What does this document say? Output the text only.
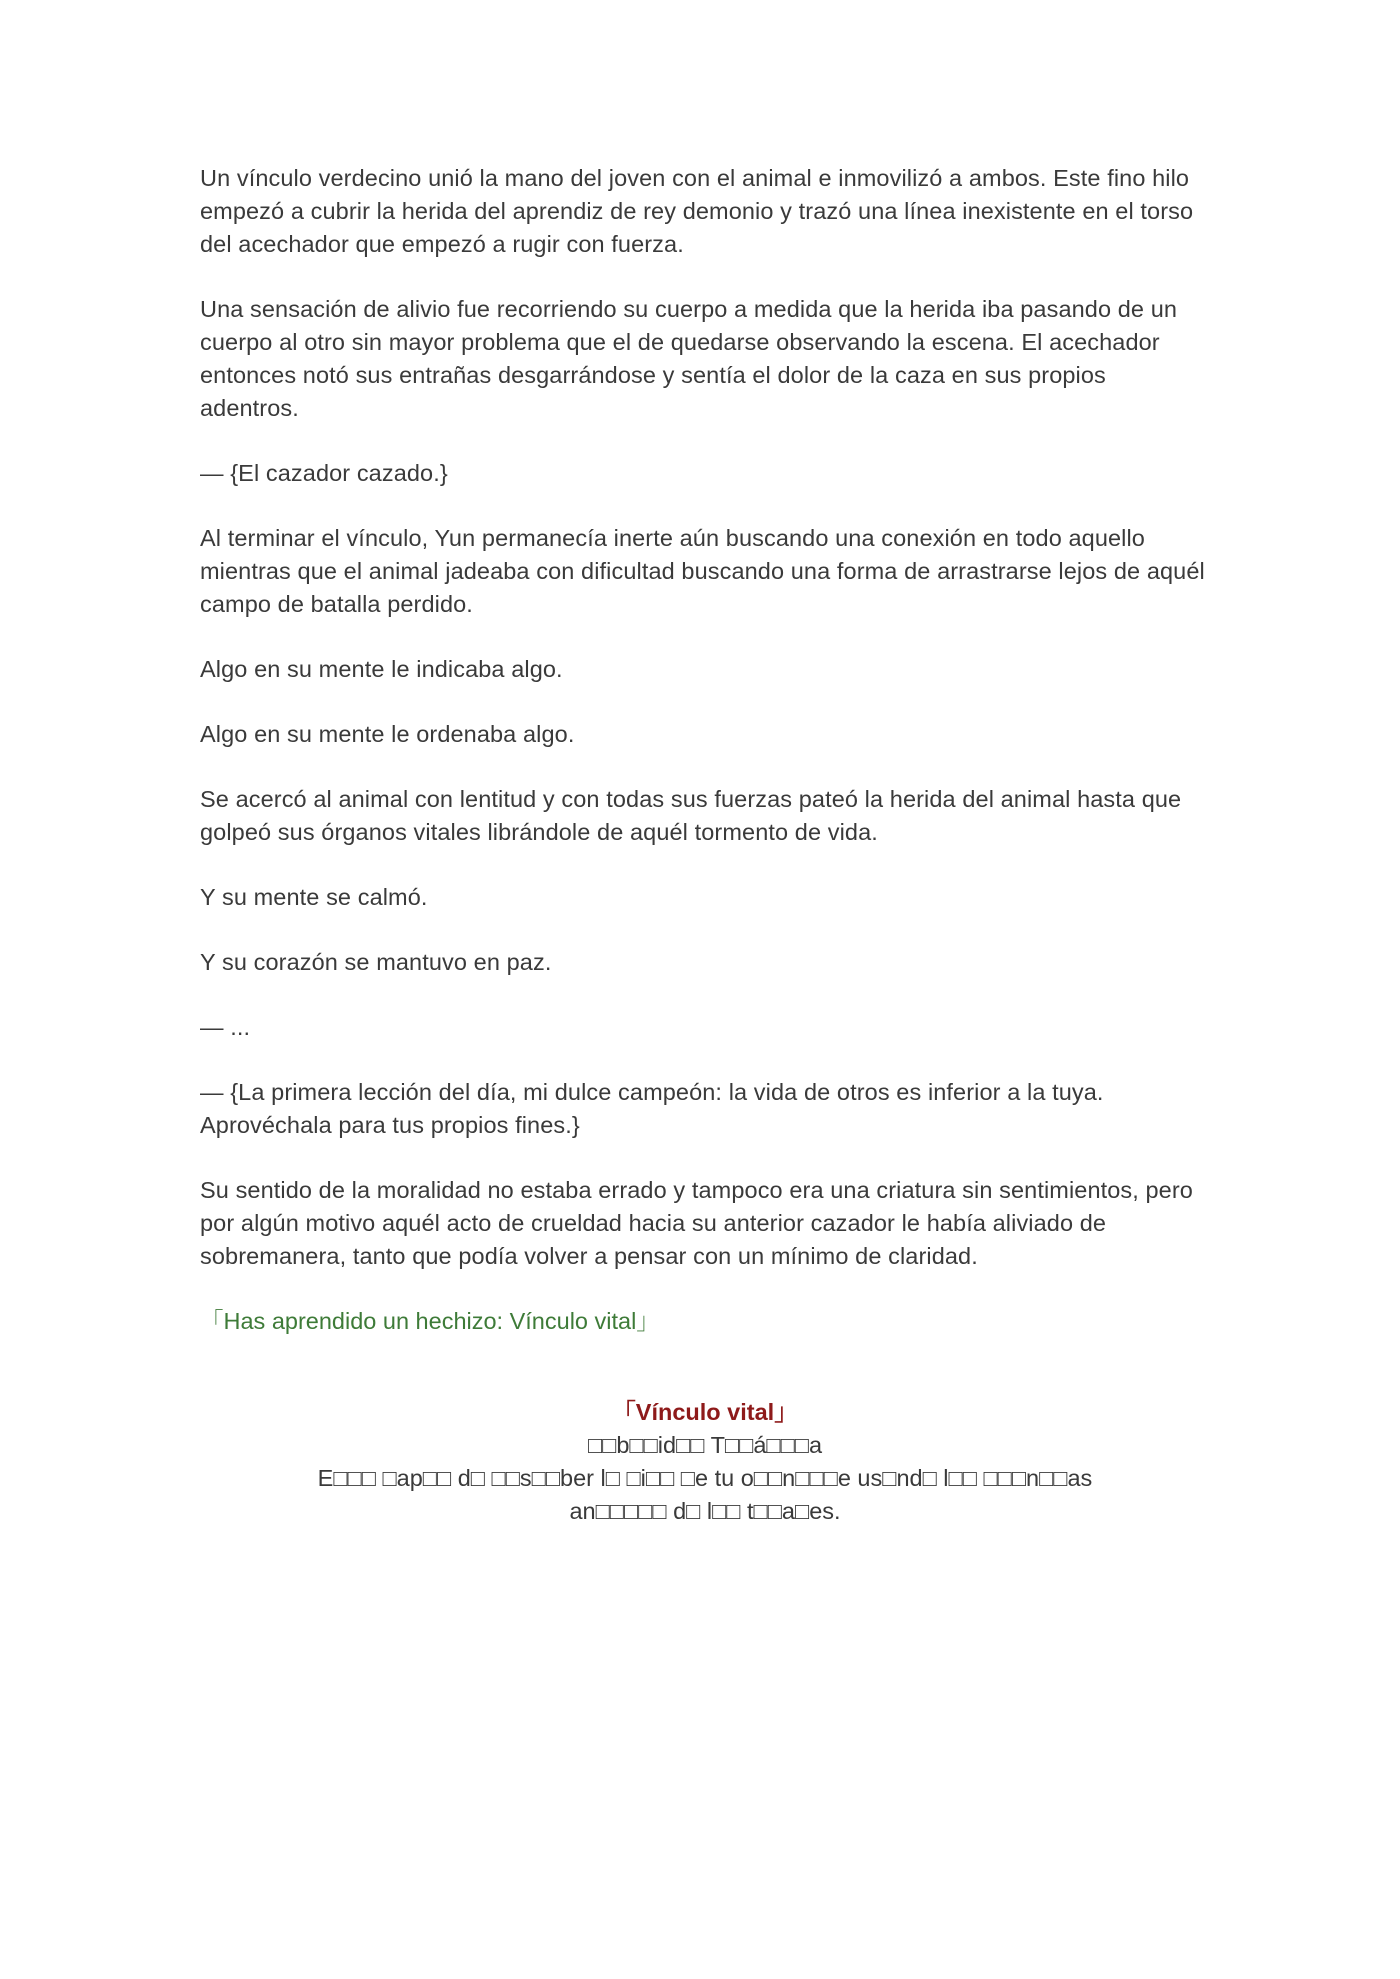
Un vínculo verdecino unió la mano del joven con el animal e inmovilizó a ambos. Este fino hilo empezó a cubrir la herida del aprendiz de rey demonio y trazó una línea inexistente en el torso del acechador que empezó a rugir con fuerza.

Una sensación de alivio fue recorriendo su cuerpo a medida que la herida iba pasando de un cuerpo al otro sin mayor problema que el de quedarse observando la escena. El acechador entonces notó sus entrañas desgarrándose y sentía el dolor de la caza en sus propios adentros.

— {El cazador cazado.}

Al terminar el vínculo, Yun permanecía inerte aún buscando una conexión en todo aquello mientras que el animal jadeaba con dificultad buscando una forma de arrastrarse lejos de aquél campo de batalla perdido.

Algo en su mente le indicaba algo.

Algo en su mente le ordenaba algo.

Se acercó al animal con lentitud y con todas sus fuerzas pateó la herida del animal hasta que golpeó sus órganos vitales librándole de aquél tormento de vida.

Y su mente se calmó.

Y su corazón se mantuvo en paz.

— ...

— {La primera lección del día, mi dulce campeón: la vida de otros es inferior a la tuya. Aprovéchala para tus propios fines.}

Su sentido de la moralidad no estaba errado y tampoco era una criatura sin sentimientos, pero por algún motivo aquél acto de crueldad hacia su anterior cazador le había aliviado de sobremanera, tanto que podía volver a pensar con un mínimo de claridad.

「Has aprendido un hechizo: Vínculo vital」

「Vínculo vital」

□□b□□id□□ T□□á□□□a

E□□□ □ap□□ d□ □□s□□ber l□ □i□□ □e tu o□□n□□□e us□nd□ l□□ □□□n□□as

an□□□□□ d□ l□□ t□□a□es.
